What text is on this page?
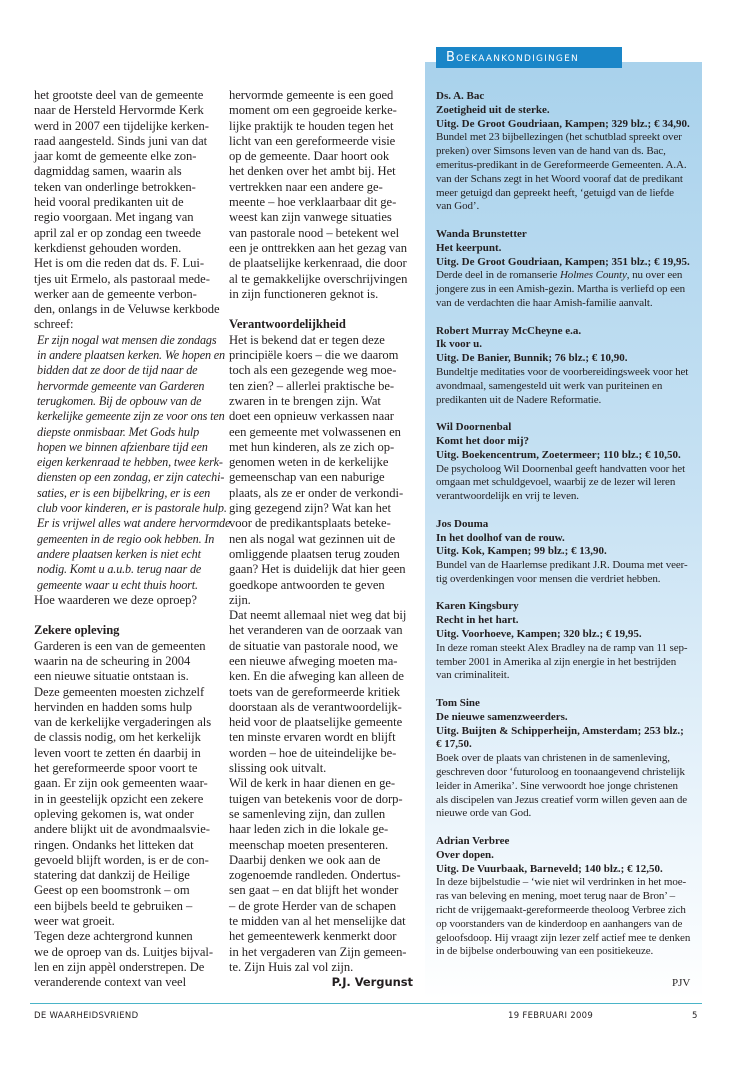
het grootste deel van de gemeente
naar de Hersteld Hervormde Kerk
werd in 2007 een tijdelijke kerken-
raad aangesteld. Sinds juni van dat
jaar komt de gemeente elke zon-
dagmiddag samen, waarin als
teken van onderlinge betrokken-
heid vooral predikanten uit de
regio voorgaan. Met ingang van
april zal er op zondag een tweede
kerkdienst gehouden worden.
Het is om die reden dat ds. F. Lui-
tjes uit Ermelo, als pastoraal mede-
werker aan de gemeente verbon-
den, onlangs in de Veluwse kerkbode
schreef:
Er zijn nogal wat mensen die zondags
in andere plaatsen kerken. We hopen en
bidden dat ze door de tijd naar de
hervormde gemeente van Garderen
terugkomen. Bij de opbouw van de
kerkelijke gemeente zijn ze voor ons ten
diepste onmisbaar. Met Gods hulp
hopen we binnen afzienbare tijd een
eigen kerkenraad te hebben, twee kerk-
diensten op een zondag, er zijn catechi-
saties, er is een bijbelkring, er is een
club voor kinderen, er is pastorale hulp.
Er is vrijwel alles wat andere hervormde
gemeenten in de regio ook hebben. In
andere plaatsen kerken is niet echt
nodig. Komt u a.u.b. terug naar de
gemeente waar u echt thuis hoort.
Hoe waarderen we deze oproep?
Zekere opleving
Garderen is een van de gemeenten
waarin na de scheuring in 2004
een nieuwe situatie ontstaan is.
Deze gemeenten moesten zichzelf
hervinden en hadden soms hulp
van de kerkelijke vergaderingen als
de classis nodig, om het kerkelijk
leven voort te zetten én daarbij in
het gereformeerde spoor voort te
gaan. Er zijn ook gemeenten waar-
in in geestelijk opzicht een zekere
opleving gekomen is, wat onder
andere blijkt uit de avondmaalsvie-
ringen. Ondanks het litteken dat
gevoeld blijft worden, is er de con-
statering dat dankzij de Heilige
Geest op een boomstronk – om
een bijbels beeld te gebruiken –
weer wat groeit.
Tegen deze achtergrond kunnen
we de oproep van ds. Luitjes bijval-
len en zijn appèl onderstrepen. De
veranderende context van veel
hervormde gemeente is een goed
moment om een gegroeide kerke-
lijke praktijk te houden tegen het
licht van een gereformeerde visie
op de gemeente. Daar hoort ook
het denken over het ambt bij. Het
vertrekken naar een andere ge-
meente – hoe verklaarbaar dit ge-
weest kan zijn vanwege situaties
van pastorale nood – betekent wel
een je onttrekken aan het gezag van
de plaatselijke kerkenraad, die door
al te gemakkelijke overschrijvingen
in zijn functioneren geknot is.
Verantwoordelijkheid
Het is bekend dat er tegen deze
principiële koers – die we daarom
toch als een gezegende weg moe-
ten zien? – allerlei praktische be-
zwaren in te brengen zijn. Wat
doet een opnieuw verkassen naar
een gemeente met volwassenen en
met hun kinderen, als ze zich op-
genomen weten in de kerkelijke
gemeenschap van een naburige
plaats, als ze er onder de verkondi-
ging gezegend zijn? Wat kan het
voor de predikantsplaats beteke-
nen als nogal wat gezinnen uit de
omliggende plaatsen terug zouden
gaan? Het is duidelijk dat hier geen
goedkope antwoorden te geven
zijn.
Dat neemt allemaal niet weg dat bij
het veranderen van de oorzaak van
de situatie van pastorale nood, we
een nieuwe afweging moeten ma-
ken. En die afweging kan alleen de
toets van de gereformeerde kritiek
doorstaan als de verantwoordelijk-
heid voor de plaatselijke gemeente
ten minste ervaren wordt en blijft
worden – hoe de uiteindelijke be-
slissing ook uitvalt.
Wil de kerk in haar dienen en ge-
tuigen van betekenis voor de dorp-
se samenleving zijn, dan zullen
haar leden zich in die lokale ge-
meenschap moeten presenteren.
Daarbij denken we ook aan de
zogenoemde randleden. Ondertus-
sen gaat – en dat blijft het wonder
– de grote Herder van de schapen
te midden van al het menselijke dat
het gemeentewerk kenmerkt door
in het vergaderen van Zijn gemeen-
te. Zijn Huis zal vol zijn.
P.J. Vergunst
Boekaankondigingen
Ds. A. Bac
Zoetigheid uit de sterke.
Uitg. De Groot Goudriaan, Kampen; 329 blz.; € 34,90.
Bundel met 23 bijbellezingen (het schutblad spreekt over
preken) over Simsons leven van de hand van ds. Bac,
emeritus-predikant in de Gereformeerde Gemeenten. A.A.
van der Schans zegt in het Woord vooraf dat de predikant
meer getuigd dan gepreekt heeft, ‘getuigd van de liefde
van God’.
Wanda Brunstetter
Het keerpunt.
Uitg. De Groot Goudriaan, Kampen; 351 blz.; € 19,95.
Derde deel in de romanserie Holmes County, nu over een
jongere zus in een Amish-gezin. Martha is verliefd op een
van de verdachten die haar Amish-familie aanvalt.
Robert Murray McCheyne e.a.
Ik voor u.
Uitg. De Banier, Bunnik; 76 blz.; € 10,90.
Bundeltje meditaties voor de voorbereidingsweek voor het
avondmaal, samengesteld uit werk van puriteinen en
predikanten uit de Nadere Reformatie.
Wil Doornenbal
Komt het door mij?
Uitg. Boekencentrum, Zoetermeer; 110 blz.; € 10,50.
De psycholoog Wil Doornenbal geeft handvatten voor het
omgaan met schuldgevoel, waarbij ze de lezer wil leren
verantwoordelijk en vrij te leven.
Jos Douma
In het doolhof van de rouw.
Uitg. Kok, Kampen; 99 blz.; € 13,90.
Bundel van de Haarlemse predikant J.R. Douma met veer-
tig overdenkingen voor mensen die verdriet hebben.
Karen Kingsbury
Recht in het hart.
Uitg. Voorhoeve, Kampen; 320 blz.; € 19,95.
In deze roman steekt Alex Bradley na de ramp van 11 sep-
tember 2001 in Amerika al zijn energie in het bestrijden
van criminaliteit.
Tom Sine
De nieuwe samenzweerders.
Uitg. Buijten & Schipperheijn, Amsterdam; 253 blz.;
€ 17,50.
Boek over de plaats van christenen in de samenleving,
geschreven door ‘futuroloog en toonaangevend christelijk
leider in Amerika’. Sine verwoordt hoe jonge christenen
als discipelen van Jezus creatief vorm willen geven aan de
nieuwe orde van God.
Adrian Verbree
Over dopen.
Uitg. De Vuurbaak, Barneveld; 140 blz.; € 12,50.
In deze bijbelstudie – ‘wie niet wil verdrinken in het moe-
ras van beleving en mening, moet terug naar de Bron’ –
richt de vrijgemaakt-gereformeerde theoloog Verbree zich
op voorstanders van de kinderdoop en aanhangers van de
geloofsdoop. Hij vraagt zijn lezer zelf actief mee te denken
in de bijbelse onderbouwing van een positiekeuze.
PJV
DE WAARHEIDSVRIEND	19 FEBRUARI 2009	5
